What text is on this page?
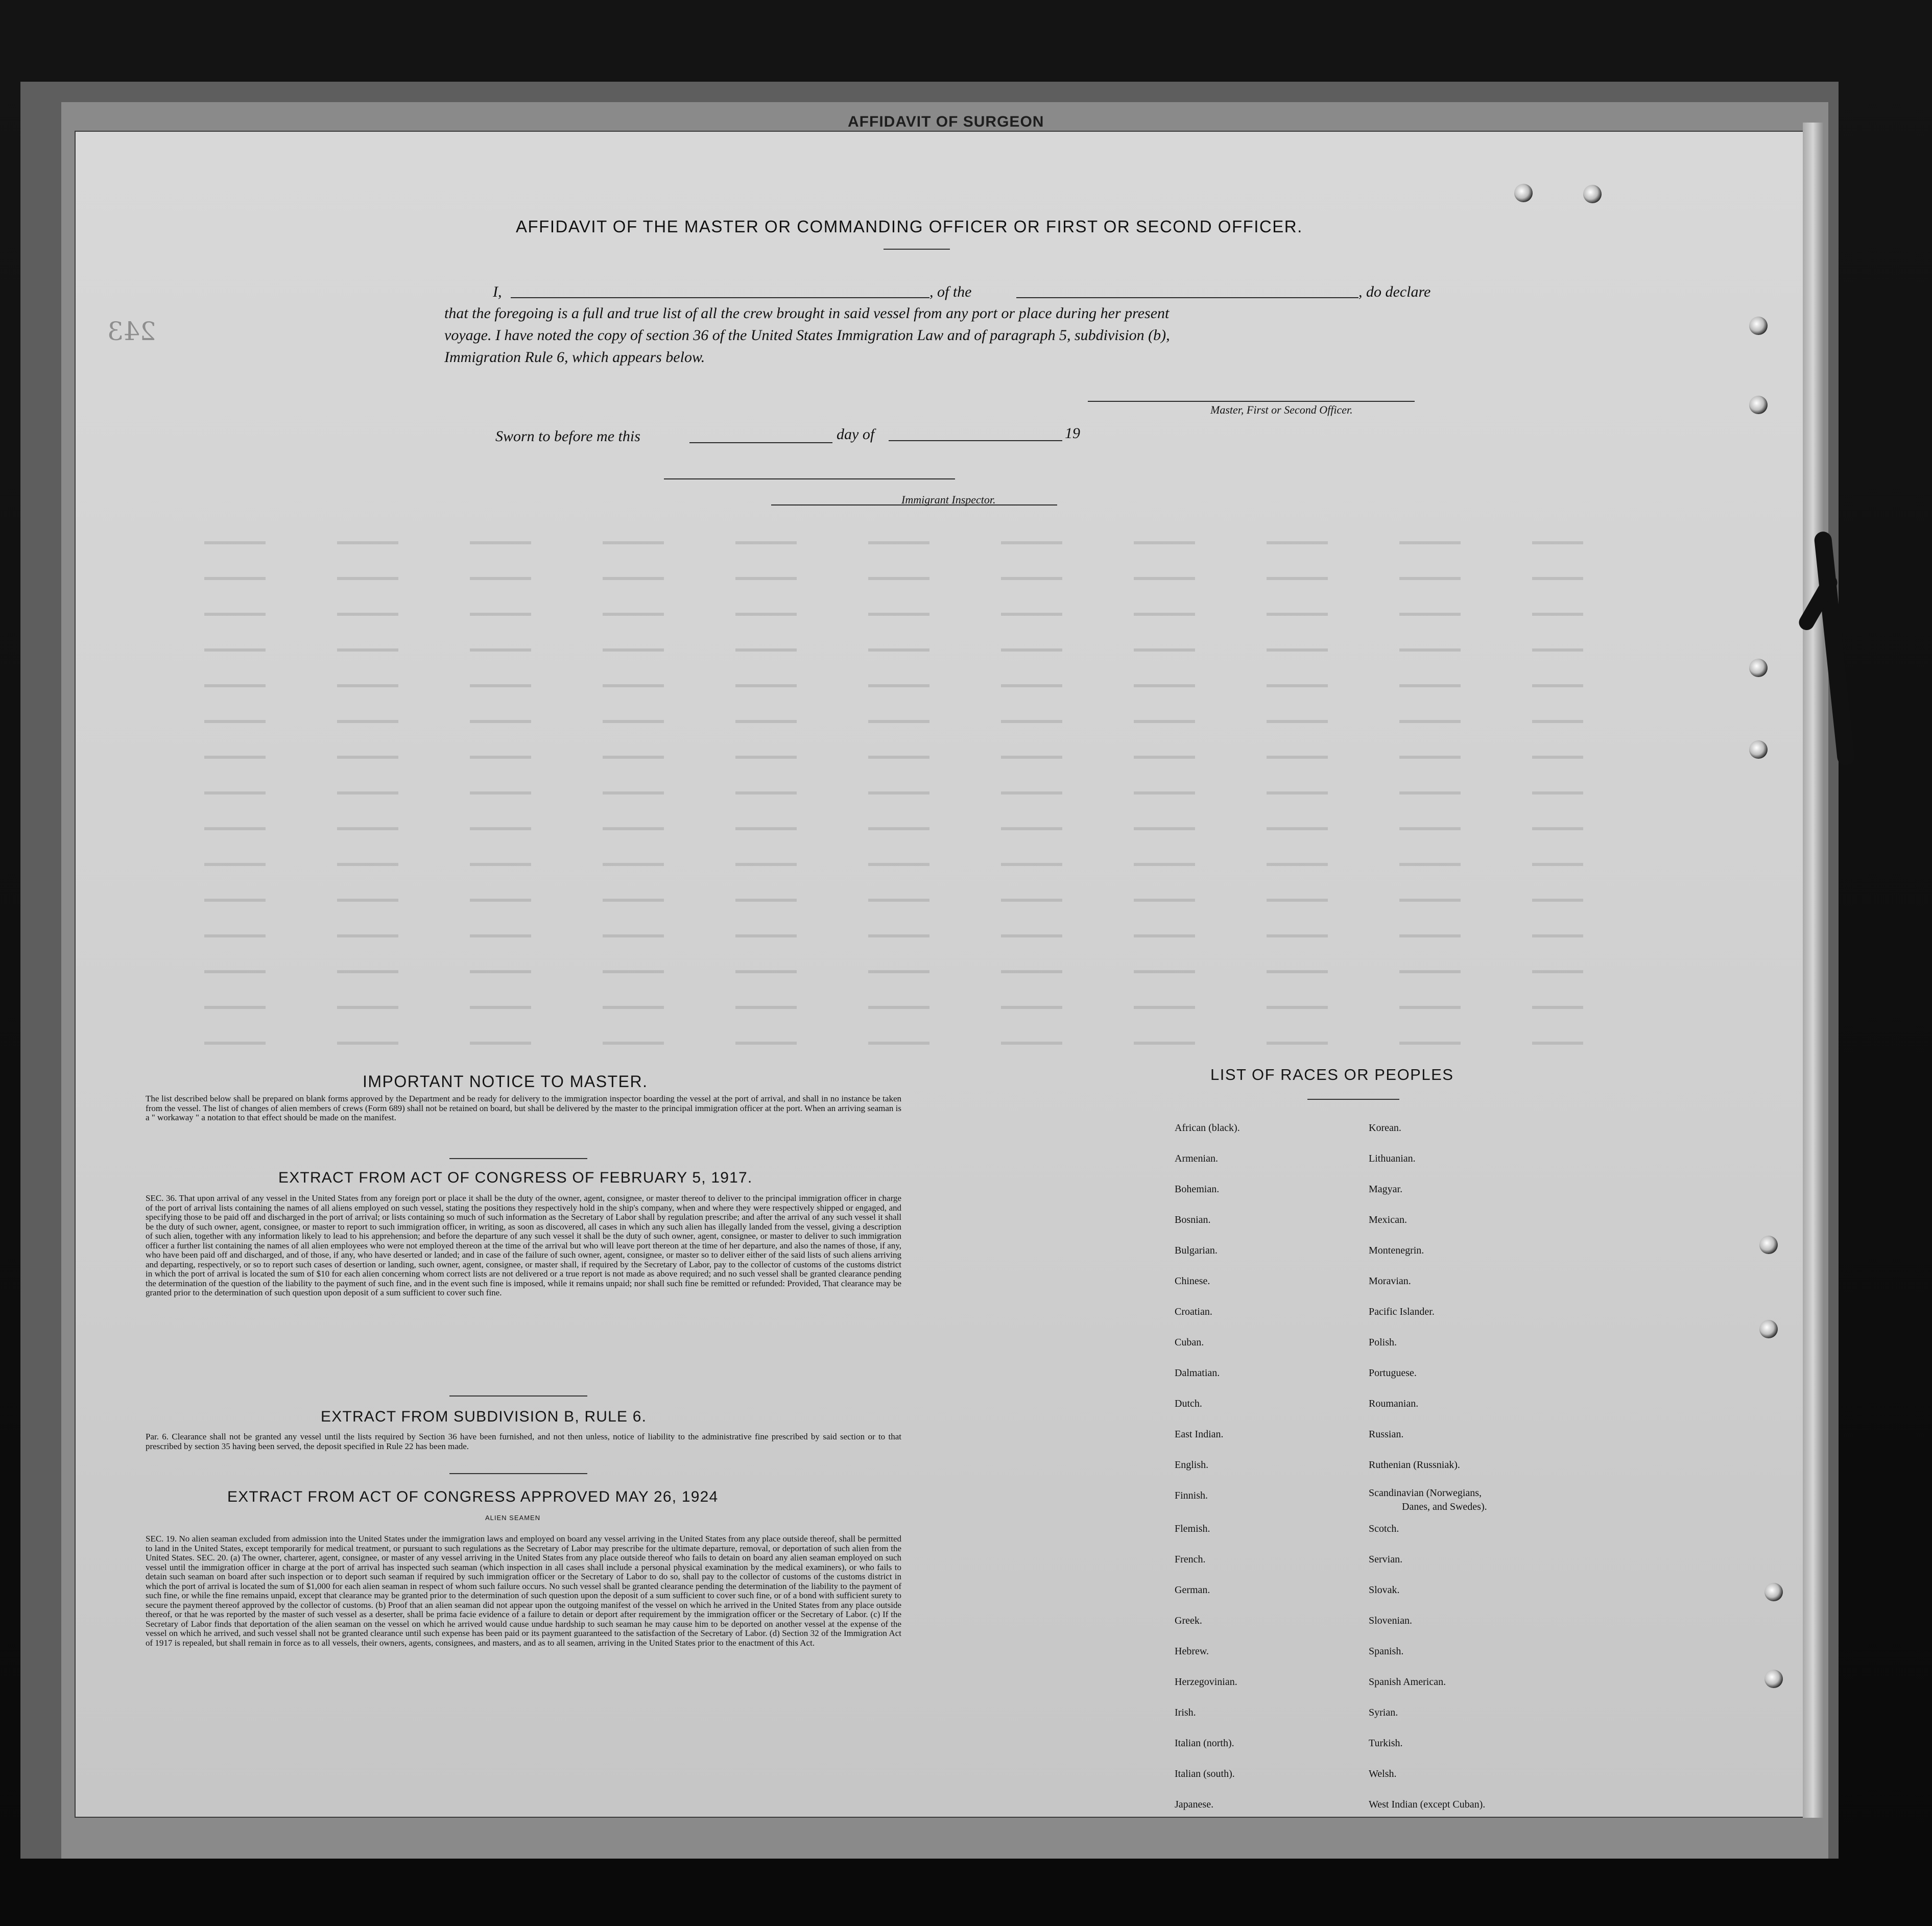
AFFIDAVIT OF SURGEON
AFFIDAVIT OF THE MASTER OR COMMANDING OFFICER OR FIRST OR SECOND OFFICER.
I,	, of the	, do declare
that the foregoing is a full and true list of all the crew brought in said vessel from any port or place during her present
voyage. I have noted the copy of section 36 of the United States Immigration Law and of paragraph 5, subdivision (b),
Immigration Rule 6, which appears below.
Master, First or Second Officer.
Sworn to before me this	day of	19
Immigrant Inspector.
243
IMPORTANT NOTICE TO MASTER.
The list described below shall be prepared on blank forms approved by the Department and be ready for delivery to the immigration inspector boarding the vessel at the port of arrival, and shall in no instance be taken from the vessel. The list of changes of alien members of crews (Form 689) shall not be retained on board, but shall be delivered by the master to the principal immigration officer at the port. When an arriving seaman is a " workaway " a notation to that effect should be made on the manifest.
EXTRACT FROM ACT OF CONGRESS OF FEBRUARY 5, 1917.
SEC. 36. That upon arrival of any vessel in the United States from any foreign port or place it shall be the duty of the owner, agent, consignee, or master thereof to deliver to the principal immigration officer in charge of the port of arrival lists containing the names of all aliens employed on such vessel, stating the positions they respectively hold in the ship's company, when and where they were respectively shipped or engaged, and specifying those to be paid off and discharged in the port of arrival; or lists containing so much of such information as the Secretary of Labor shall by regulation prescribe; and after the arrival of any such vessel it shall be the duty of such owner, agent, consignee, or master to report to such immigration officer, in writing, as soon as discovered, all cases in which any such alien has illegally landed from the vessel, giving a description of such alien, together with any information likely to lead to his apprehension; and before the departure of any such vessel it shall be the duty of such owner, agent, consignee, or master to deliver to such immigration officer a further list containing the names of all alien employees who were not employed thereon at the time of the arrival but who will leave port thereon at the time of her departure, and also the names of those, if any, who have been paid off and discharged, and of those, if any, who have deserted or landed; and in case of the failure of such owner, agent, consignee, or master so to deliver either of the said lists of such aliens arriving and departing, respectively, or so to report such cases of desertion or landing, such owner, agent, consignee, or master shall, if required by the Secretary of Labor, pay to the collector of customs of the customs district in which the port of arrival is located the sum of $10 for each alien concerning whom correct lists are not delivered or a true report is not made as above required; and no such vessel shall be granted clearance pending the determination of the question of the liability to the payment of such fine, and in the event such fine is imposed, while it remains unpaid; nor shall such fine be remitted or refunded: Provided, That clearance may be granted prior to the determination of such question upon deposit of a sum sufficient to cover such fine.
EXTRACT FROM SUBDIVISION B, RULE 6.
Par. 6. Clearance shall not be granted any vessel until the lists required by Section 36 have been furnished, and not then unless, notice of liability to the administrative fine prescribed by said section or to that prescribed by section 35 having been served, the deposit specified in Rule 22 has been made.
EXTRACT FROM ACT OF CONGRESS APPROVED MAY 26, 1924
ALIEN SEAMEN
SEC. 19. No alien seaman excluded from admission into the United States under the immigration laws and employed on board any vessel arriving in the United States from any place outside thereof, shall be permitted to land in the United States, except temporarily for medical treatment, or pursuant to such regulations as the Secretary of Labor may prescribe for the ultimate departure, removal, or deportation of such alien from the United States. SEC. 20. (a) The owner, charterer, agent, consignee, or master of any vessel arriving in the United States from any place outside thereof who fails to detain on board any alien seaman employed on such vessel until the immigration officer in charge at the port of arrival has inspected such seaman (which inspection in all cases shall include a personal physical examination by the medical examiners), or who fails to detain such seaman on board after such inspection or to deport such seaman if required by such immigration officer or the Secretary of Labor to do so, shall pay to the collector of customs of the customs district in which the port of arrival is located the sum of $1,000 for each alien seaman in respect of whom such failure occurs. No such vessel shall be granted clearance pending the determination of the liability to the payment of such fine, or while the fine remains unpaid, except that clearance may be granted prior to the determination of such question upon the deposit of a sum sufficient to cover such fine, or of a bond with sufficient surety to secure the payment thereof approved by the collector of customs. (b) Proof that an alien seaman did not appear upon the outgoing manifest of the vessel on which he arrived in the United States from any place outside thereof, or that he was reported by the master of such vessel as a deserter, shall be prima facie evidence of a failure to detain or deport after requirement by the immigration officer or the Secretary of Labor. (c) If the Secretary of Labor finds that deportation of the alien seaman on the vessel on which he arrived would cause undue hardship to such seaman he may cause him to be deported on another vessel at the expense of the vessel on which he arrived, and such vessel shall not be granted clearance until such expense has been paid or its payment guaranteed to the satisfaction of the Secretary of Labor. (d) Section 32 of the Immigration Act of 1917 is repealed, but shall remain in force as to all vessels, their owners, agents, consignees, and masters, and as to all seamen, arriving in the United States prior to the enactment of this Act.
LIST OF RACES OR PEOPLES
African (black).
Armenian.
Bohemian.
Bosnian.
Bulgarian.
Chinese.
Croatian.
Cuban.
Dalmatian.
Dutch.
East Indian.
English.
Finnish.
Flemish.
French.
German.
Greek.
Hebrew.
Herzegovinian.
Irish.
Italian (north).
Italian (south).
Japanese.
Korean.
Lithuanian.
Magyar.
Mexican.
Montenegrin.
Moravian.
Pacific Islander.
Polish.
Portuguese.
Roumanian.
Russian.
Ruthenian (Russniak).
Scandinavian (Norwegians,
Danes, and Swedes).
Scotch.
Servian.
Slovak.
Slovenian.
Spanish.
Spanish American.
Syrian.
Turkish.
Welsh.
West Indian (except Cuban).
